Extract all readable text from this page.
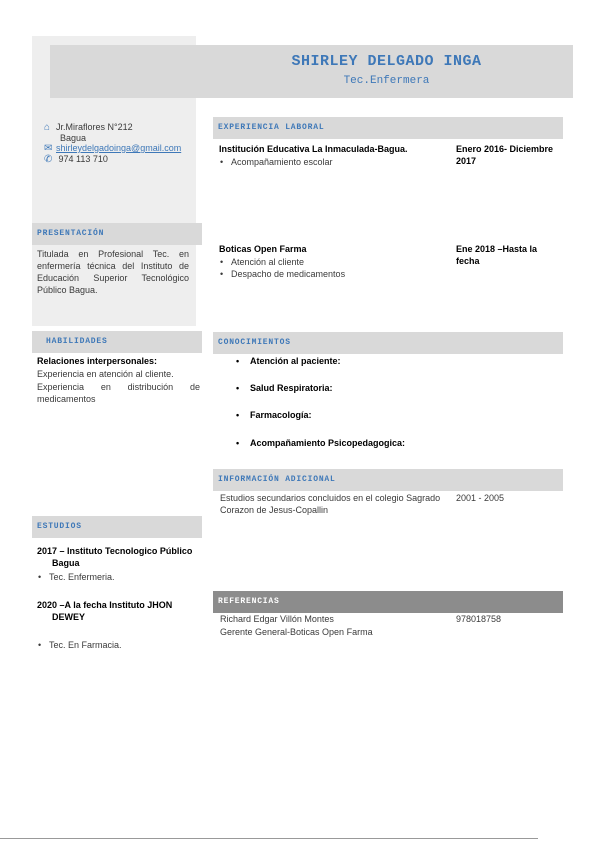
SHIRLEY DELGADO INGA
Tec.Enfermera
⌂ Jr.Miraflores N°212
Bagua
✉ shirleydelgadoinga@gmail.com
✆ 974 113 710
EXPERIENCIA LABORAL
Institución Educativa La Inmaculada-Bagua.	Enero 2016- Diciembre 2017
• Acompañamiento escolar
Boticas Open Farma	Ene 2018 –Hasta la fecha
• Atención al cliente
• Despacho de medicamentos
PRESENTACIÓN
Titulada en Profesional Tec. en enfermería técnica del Instituto de Educación Superior Tecnológico Público Bagua.
HABILIDADES
Relaciones interpersonales:
Experiencia en atención al cliente.
Experiencia en distribución de medicamentos
CONOCIMIENTOS
• Atención al paciente:
• Salud Respiratoria:
• Farmacología:
• Acompañamiento Psicopedagogica:
INFORMACIÓN ADICIONAL
Estudios secundarios concluidos en el colegio Sagrado Corazon de Jesus-Copallin
2001 - 2005
ESTUDIOS
2017 – Instituto Tecnologico Público
Bagua
• Tec. Enfermeria.
2020 –A la fecha Instituto JHON
DEWEY
• Tec. En Farmacia.
REFERENCIAS
Richard Edgar Villón Montes
Gerente General-Boticas Open Farma
978018758
